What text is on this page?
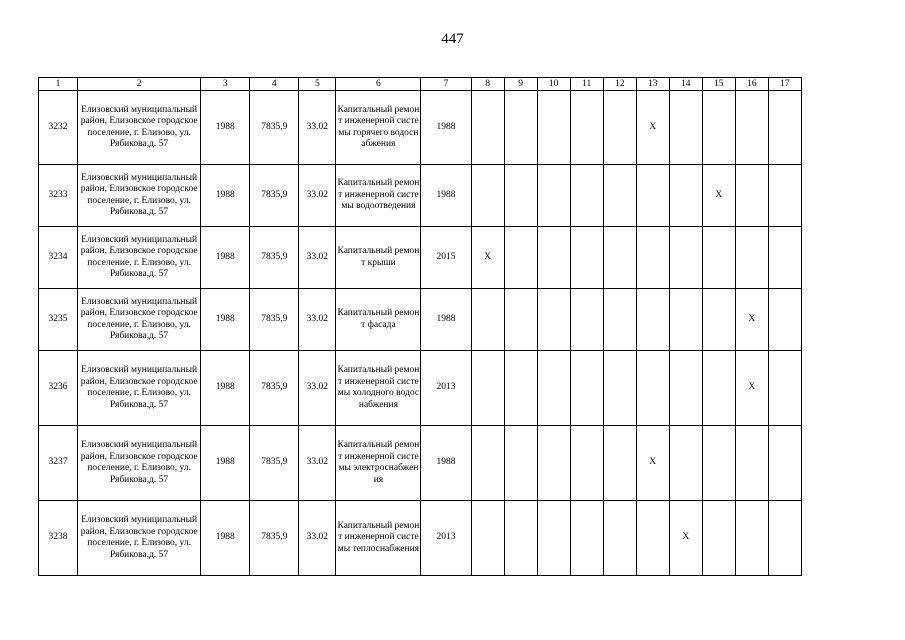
447
1	2	3	4	5	6	7	8	9	10	11	12	13	14	15	16	17
3232	Елизовский муниципальный район, Елизовское городское поселение, г. Елизово, ул. Рябикова,д. 57	1988	7835,9	33.02	Капитальный ремонт инженерной системы горячего водоснабжения	1988						X				
3233	Елизовский муниципальный район, Елизовское городское поселение, г. Елизово, ул. Рябикова,д. 57	1988	7835,9	33.02	Капитальный ремонт инженерной системы водоотведения	1988								X		
3234	Елизовский муниципальный район, Елизовское городское поселение, г. Елизово, ул. Рябикова,д. 57	1988	7835,9	33.02	Капитальный ремонт крыши	2015	X									
3235	Елизовский муниципальный район, Елизовское городское поселение, г. Елизово, ул. Рябикова,д. 57	1988	7835,9	33.02	Капитальный ремонт фасада	1988									X	
3236	Елизовский муниципальный район, Елизовское городское поселение, г. Елизово, ул. Рябикова,д. 57	1988	7835,9	33.02	Капитальный ремонт инженерной системы холодного водоснабжения	2013									X	
3237	Елизовский муниципальный район, Елизовское городское поселение, г. Елизово, ул. Рябикова,д. 57	1988	7835,9	33.02	Капитальный ремонт инженерной системы электроснабжения	1988						X				
3238	Елизовский муниципальный район, Елизовское городское поселение, г. Елизово, ул. Рябикова,д. 57	1988	7835,9	33.02	Капитальный ремонт инженерной системы теплоснабжения	2013							X			
